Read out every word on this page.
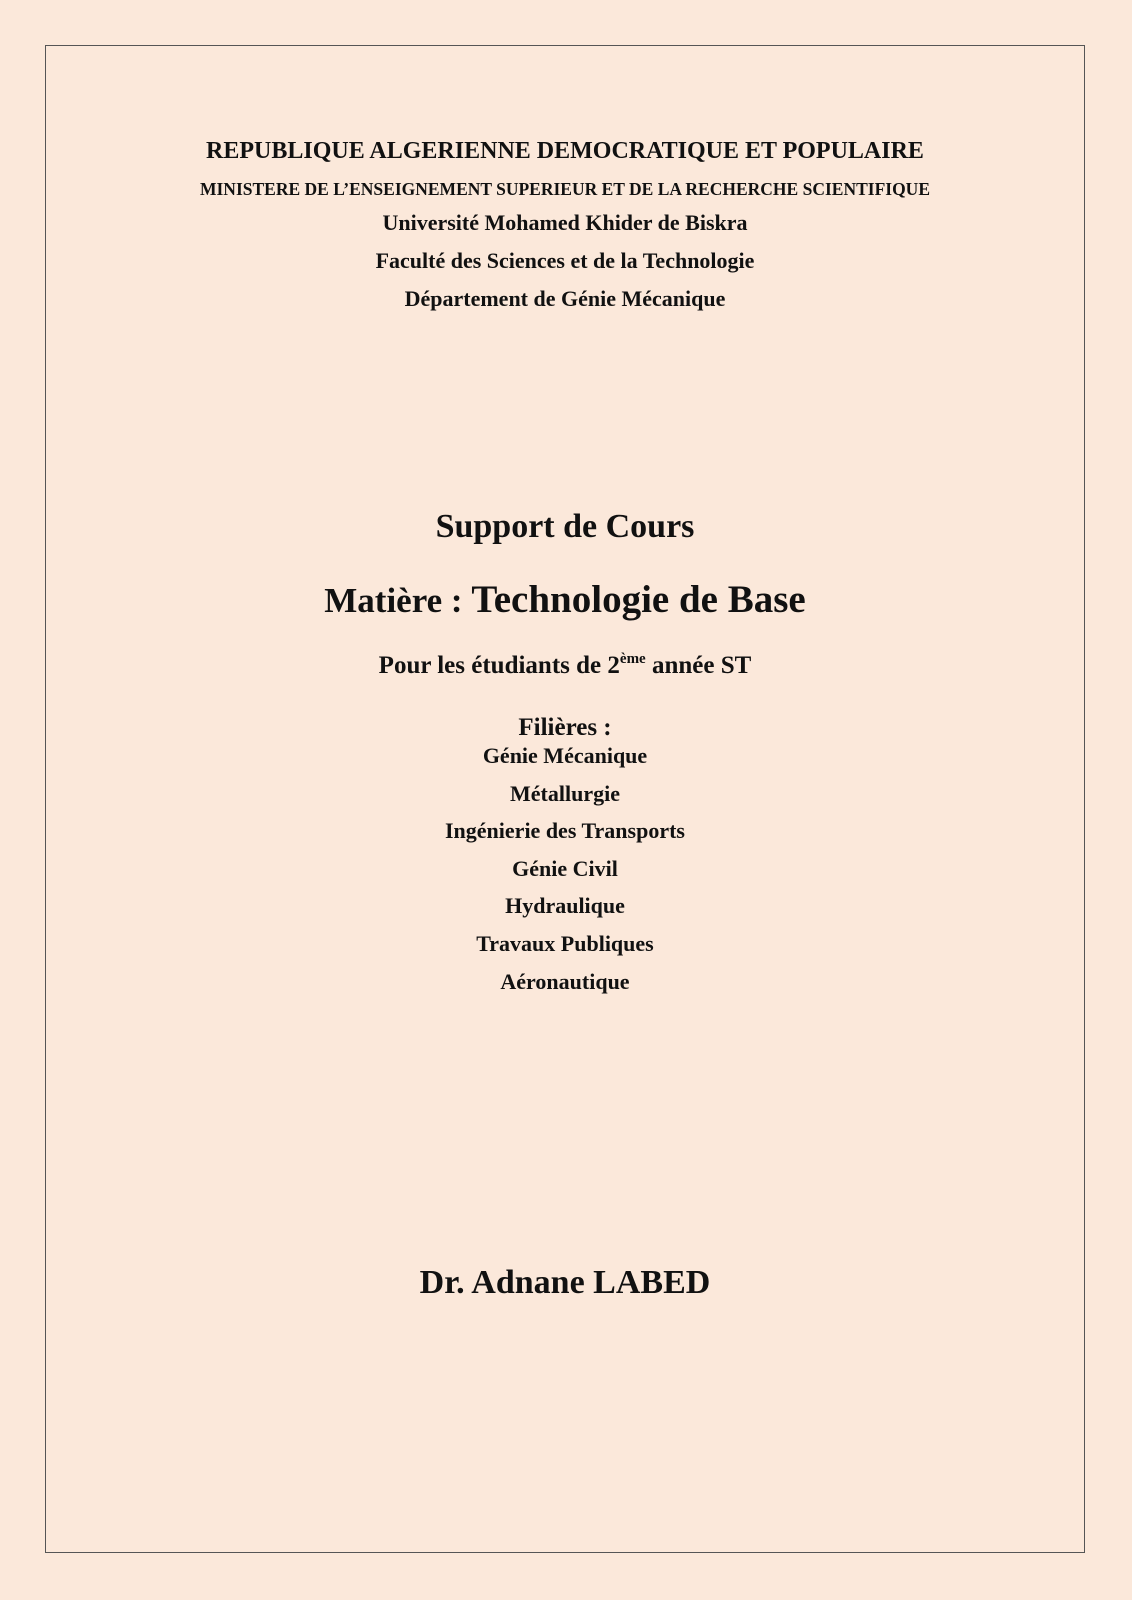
REPUBLIQUE ALGERIENNE DEMOCRATIQUE ET POPULAIRE
MINISTERE DE L’ENSEIGNEMENT SUPERIEUR ET DE LA RECHERCHE SCIENTIFIQUE
Université Mohamed Khider de Biskra
Faculté des Sciences et de la Technologie
Département de Génie Mécanique
Support de Cours
Matière : Technologie de Base
Pour les étudiants de 2ème année ST
Filières :
Génie Mécanique
Métallurgie
Ingénierie des Transports
Génie Civil
Hydraulique
Travaux Publiques
Aéronautique
Dr. Adnane LABED
